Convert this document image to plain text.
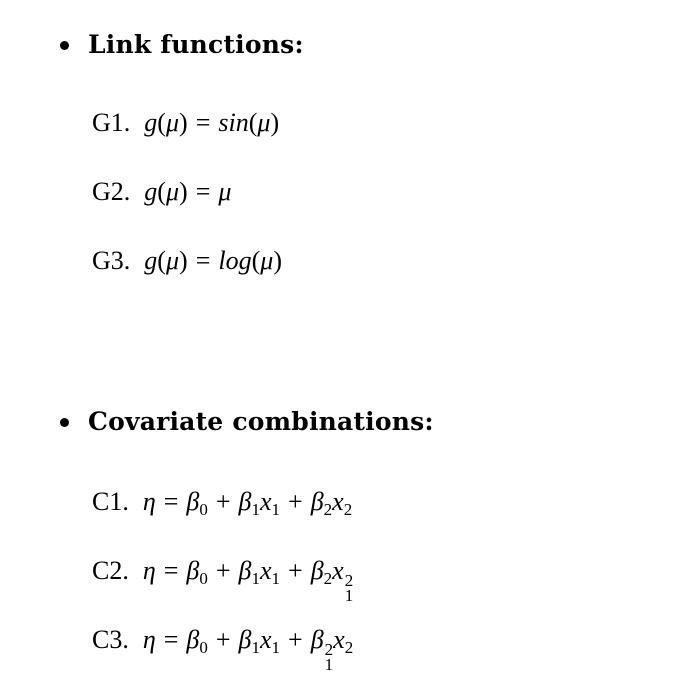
Link functions:
G1. g(μ) = sin(μ)
G2. g(μ) = μ
G3. g(μ) = log(μ)
Covariate combinations:
C1. $\eta = \beta_0 + \beta_1x_1 + \beta_2x_2$
C2. $\eta = \beta_0 + \beta_1x_1 + \beta_2x$ 2
1
C3. $\eta = \beta_0 + \beta_1x_1 + \beta$ 2
1
$x_2$
